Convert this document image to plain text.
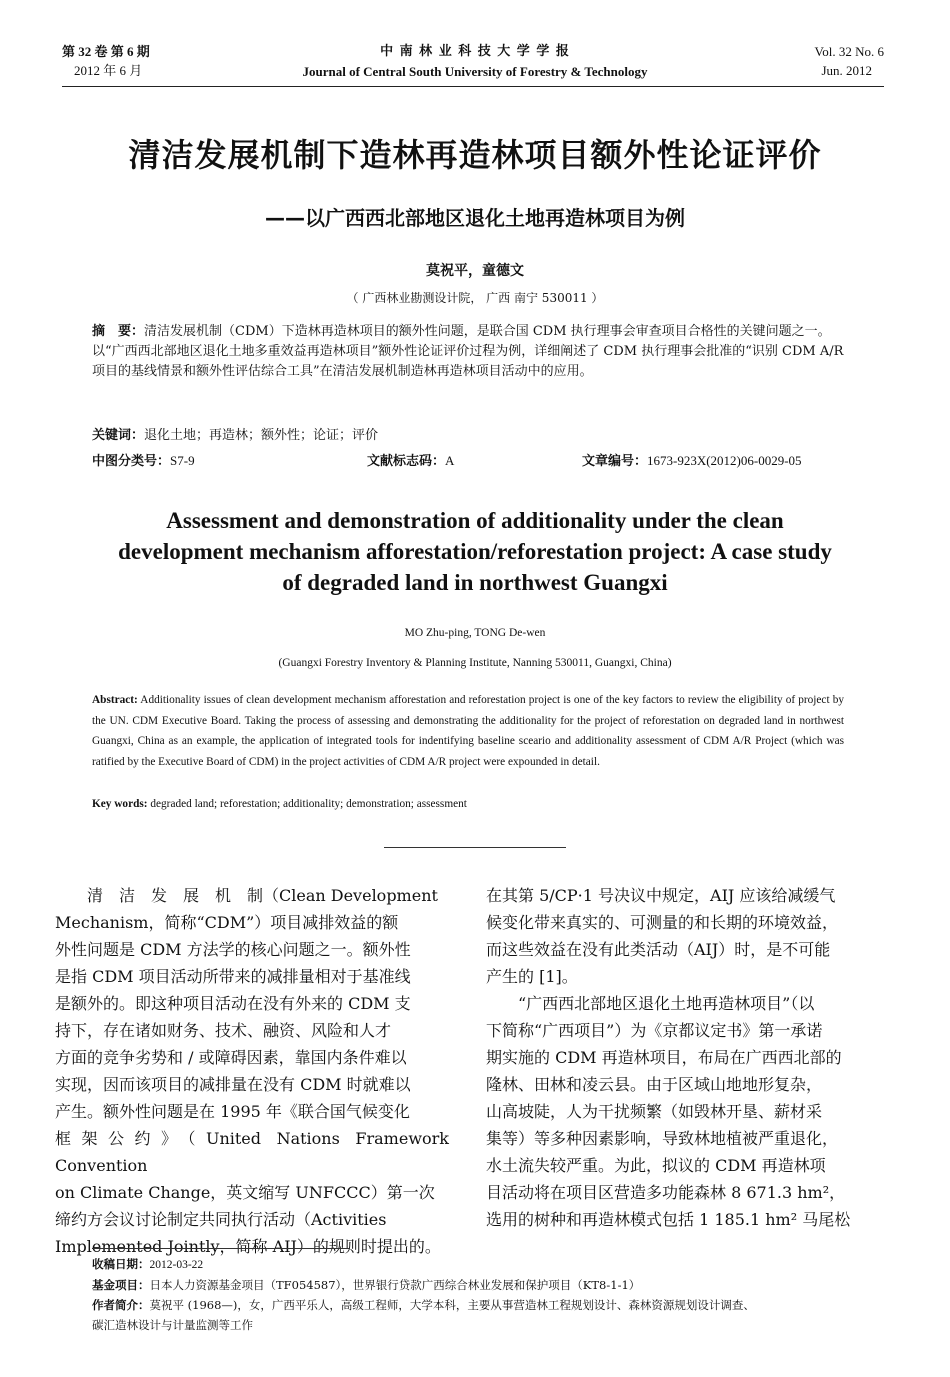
第 32 卷 第 6 期
2012 年 6 月
中 南 林 业 科 技 大 学 学 报
Journal of Central South University of Forestry & Technology
Vol. 32 No. 6
Jun. 2012
清洁发展机制下造林再造林项目额外性论证评价
——以广西西北部地区退化土地再造林项目为例
莫祝平，童德文
（ 广西林业勘测设计院， 广西 南宁 530011 ）
摘　要：清洁发展机制（CDM）下造林再造林项目的额外性问题，是联合国 CDM 执行理事会审查项目合格性的关键问题之一。以“广西西北部地区退化土地多重效益再造林项目”额外性论证评价过程为例，详细阐述了 CDM 执行理事会批准的“识别 CDM A/R 项目的基线情景和额外性评估综合工具”在清洁发展机制造林再造林项目活动中的应用。
关键词：退化土地；再造林；额外性；论证；评价
中图分类号：S7-9	文献标志码：A	文章编号：1673-923X(2012)06-0029-05
Assessment and demonstration of additionality under the clean
development mechanism afforestation/reforestation project: A case study
of degraded land in northwest Guangxi
MO Zhu-ping, TONG De-wen
(Guangxi Forestry Inventory & Planning Institute, Nanning 530011, Guangxi, China)
Abstract: Additionality issues of clean development mechanism afforestation and reforestation project is one of the key factors to review the eligibility of project by the UN. CDM Executive Board. Taking the process of assessing and demonstrating the additionality for the project of reforestation on degraded land in northwest Guangxi, China as an example, the application of integrated tools for indentifying baseline sceario and additionality assessment of CDM A/R Project (which was ratified by the Executive Board of CDM) in the project activities of CDM A/R project were expounded in detail.
Key words: degraded land; reforestation; additionality; demonstration; assessment
清　洁　发　展　机　制（Clean Development
Mechanism，简称“CDM”）项目减排效益的额
外性问题是 CDM 方法学的核心问题之一。额外性
是指 CDM 项目活动所带来的减排量相对于基准线
是额外的。即这种项目活动在没有外来的 CDM 支
持下，存在诸如财务、技术、融资、风险和人才
方面的竞争劣势和 / 或障碍因素，靠国内条件难以
实现，因而该项目的减排量在没有 CDM 时就难以
产生。额外性问题是在 1995 年《联合国气候变化
框架公约》（United Nations Framework Convention
on Climate Change，英文缩写 UNFCCC）第一次
缔约方会议讨论制定共同执行活动（Activities
Implemented Jointly，简称 AIJ）的规则时提出的。
在其第 5/CP·1 号决议中规定，AIJ 应该给减缓气
候变化带来真实的、可测量的和长期的环境效益，
而这些效益在没有此类活动（AIJ）时，是不可能
产生的 [1]。
　　“广西西北部地区退化土地再造林项目”（以
下简称“广西项目”）为《京都议定书》第一承诺
期实施的 CDM 再造林项目，布局在广西西北部的
隆林、田林和凌云县。由于区域山地地形复杂，
山高坡陡，人为干扰频繁（如毁林开垦、薪材采
集等）等多种因素影响，导致林地植被严重退化，
水土流失较严重。为此，拟议的 CDM 再造林项
目活动将在项目区营造多功能森林 8 671.3 hm²，
选用的树种和再造林模式包括 1 185.1 hm² 马尾松
收稿日期：2012-03-22
基金项目：日本人力资源基金项目（TF054587），世界银行贷款广西综合林业发展和保护项目（KT8-1-1）
作者简介：莫祝平 (1968—)，女，广西平乐人，高级工程师，大学本科，主要从事营造林工程规划设计、森林资源规划设计调查、
碳汇造林设计与计量监测等工作
